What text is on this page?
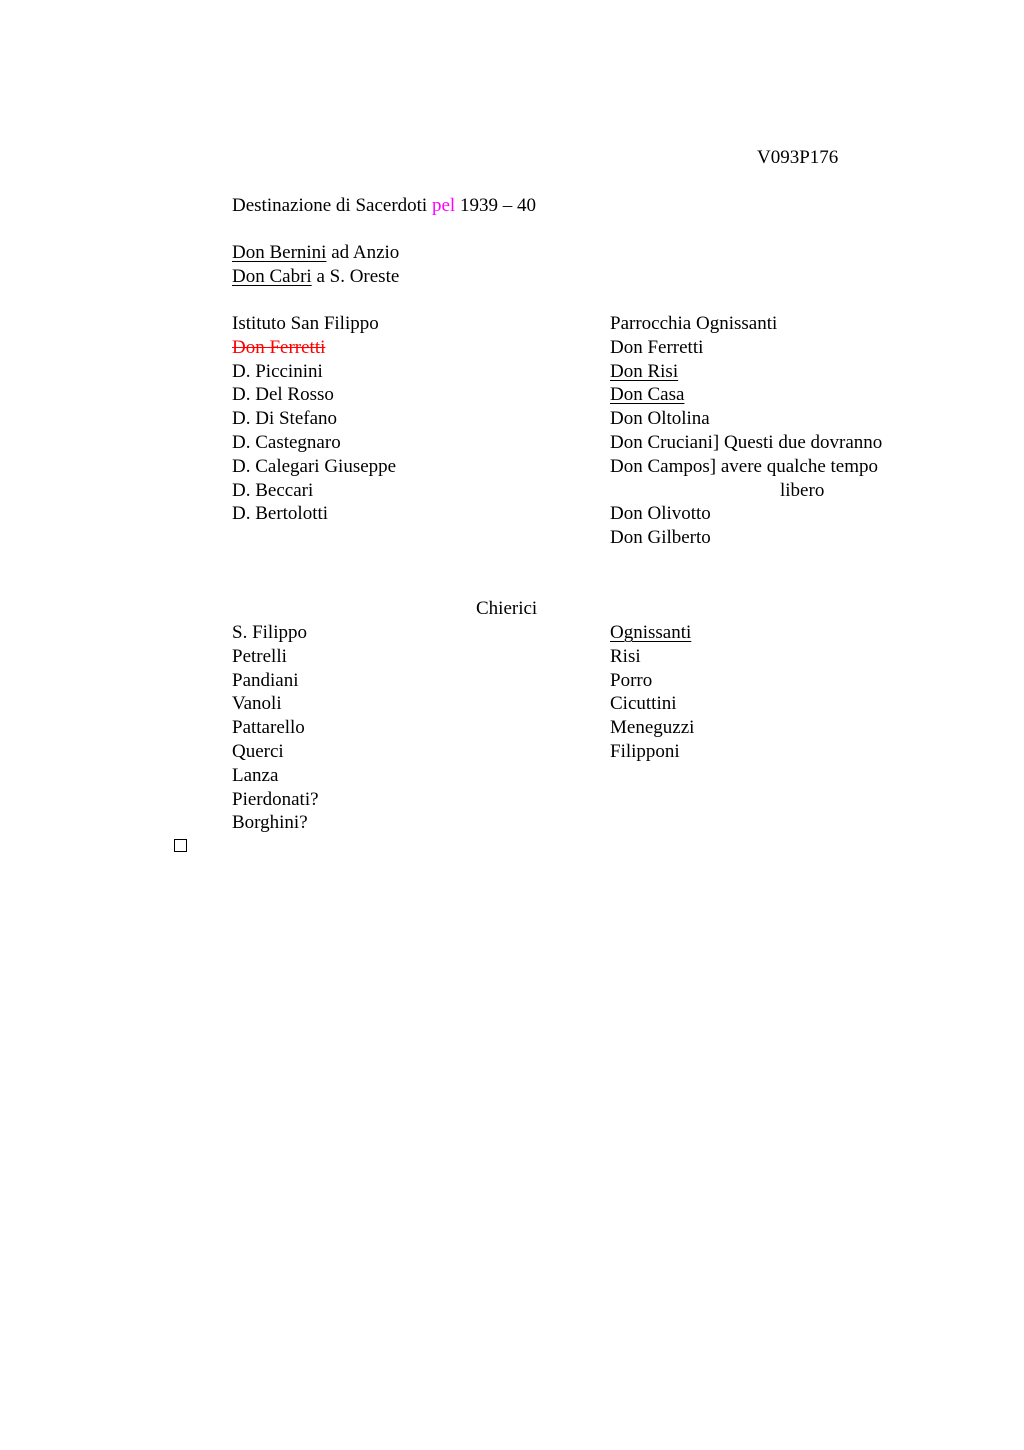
V093P176
Destinazione di Sacerdoti pel 1939 – 40
Don Bernini ad Anzio
Don Cabri a S. Oreste
Istituto San Filippo
Don Ferretti
D. Piccinini
D. Del Rosso
D. Di Stefano
D. Castegnaro
D. Calegari Giuseppe
D. Beccari
D. Bertolotti
Parrocchia Ognissanti
Don Ferretti
Don Risi
Don Casa
Don Oltolina
Don Cruciani] Questi due dovranno
Don Campos] avere qualche tempo
libero
Don Olivotto
Don Gilberto
Chierici
S. Filippo
Petrelli
Pandiani
Vanoli
Pattarello
Querci
Lanza
Pierdonati?
Borghini?
Ognissanti
Risi
Porro
Cicuttini
Meneguzzi
Filipponi
